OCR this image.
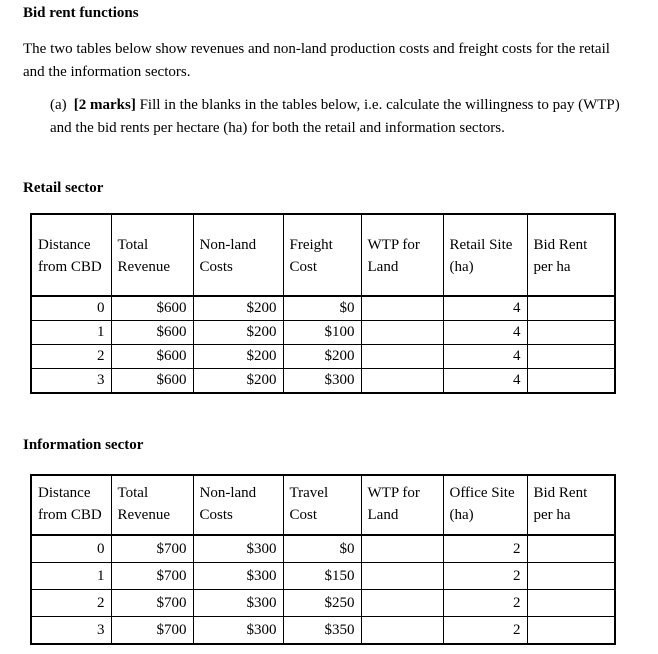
Bid rent functions
The two tables below show revenues and non-land production costs and freight costs for the retail and the information sectors.
(a) [2 marks] Fill in the blanks in the tables below, i.e. calculate the willingness to pay (WTP) and the bid rents per hectare (ha) for both the retail and information sectors.
Retail sector
Distance from CBD	Total Revenue	Non-land Costs	Freight Cost	WTP for Land	Retail Site (ha)	Bid Rent per ha
0	$600	$200	$0		4	
1	$600	$200	$100		4	
2	$600	$200	$200		4	
3	$600	$200	$300		4	
Information sector
Distance from CBD	Total Revenue	Non-land Costs	Travel Cost	WTP for Land	Office Site (ha)	Bid Rent per ha
0	$700	$300	$0		2	
1	$700	$300	$150		2	
2	$700	$300	$250		2	
3	$700	$300	$350		2	
